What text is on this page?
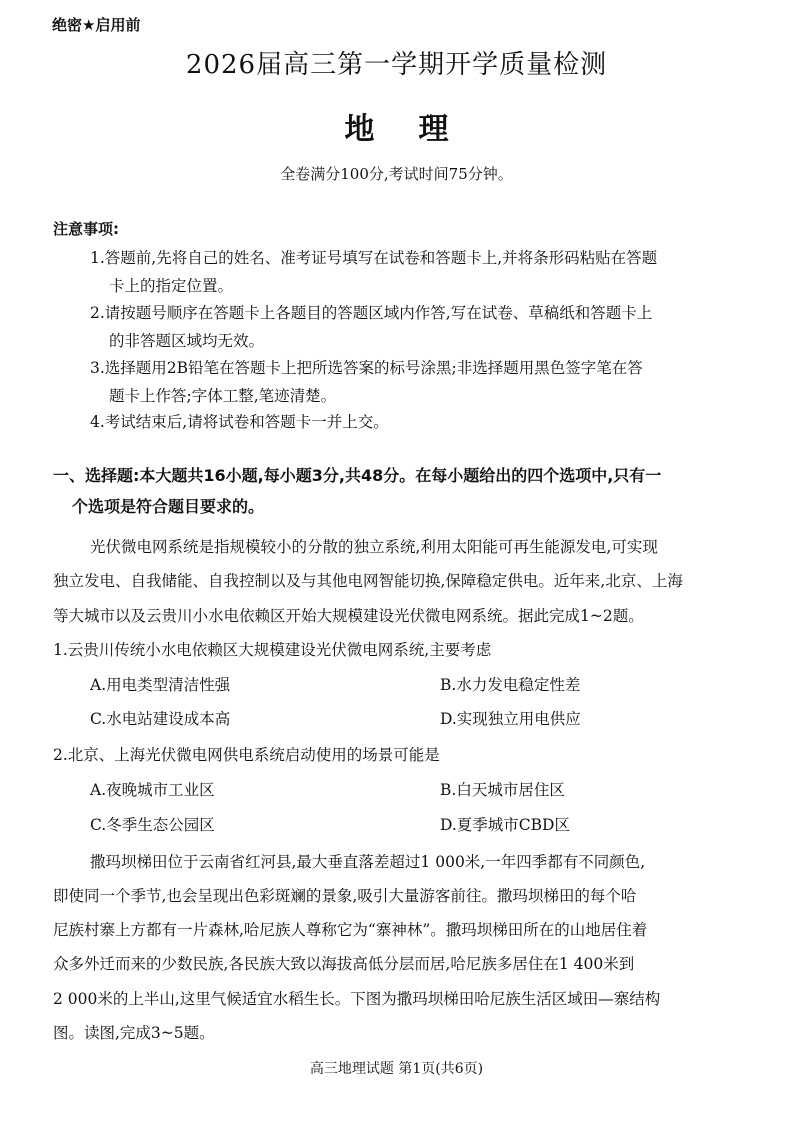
绝密★启用前
2026届高三第一学期开学质量检测
地理
全卷满分100分,考试时间75分钟。
注意事项:
1.答题前,先将自己的姓名、准考证号填写在试卷和答题卡上,并将条形码粘贴在答题
卡上的指定位置。
2.请按题号顺序在答题卡上各题目的答题区域内作答,写在试卷、草稿纸和答题卡上
的非答题区域均无效。
3.选择题用2B铅笔在答题卡上把所选答案的标号涂黑;非选择题用黑色签字笔在答
题卡上作答;字体工整,笔迹清楚。
4.考试结束后,请将试卷和答题卡一并上交。
一、选择题:本大题共16小题,每小题3分,共48分。在每小题给出的四个选项中,只有一
个选项是符合题目要求的。
光伏微电网系统是指规模较小的分散的独立系统,利用太阳能可再生能源发电,可实现
独立发电、自我储能、自我控制以及与其他电网智能切换,保障稳定供电。近年来,北京、上海
等大城市以及云贵川小水电依赖区开始大规模建设光伏微电网系统。据此完成1~2题。
1.云贵川传统小水电依赖区大规模建设光伏微电网系统,主要考虑
A.用电类型清洁性强	B.水力发电稳定性差
C.水电站建设成本高	D.实现独立用电供应
2.北京、上海光伏微电网供电系统启动使用的场景可能是
A.夜晚城市工业区	B.白天城市居住区
C.冬季生态公园区	D.夏季城市CBD区
撒玛坝梯田位于云南省红河县,最大垂直落差超过1 000米,一年四季都有不同颜色,
即使同一个季节,也会呈现出色彩斑斓的景象,吸引大量游客前往。撒玛坝梯田的每个哈
尼族村寨上方都有一片森林,哈尼族人尊称它为“寨神林”。撒玛坝梯田所在的山地居住着
众多外迁而来的少数民族,各民族大致以海拔高低分层而居,哈尼族多居住在1 400米到
2 000米的上半山,这里气候适宜水稻生长。下图为撒玛坝梯田哈尼族生活区域田—寨结构
图。读图,完成3~5题。
高三地理试题 第1页(共6页)
